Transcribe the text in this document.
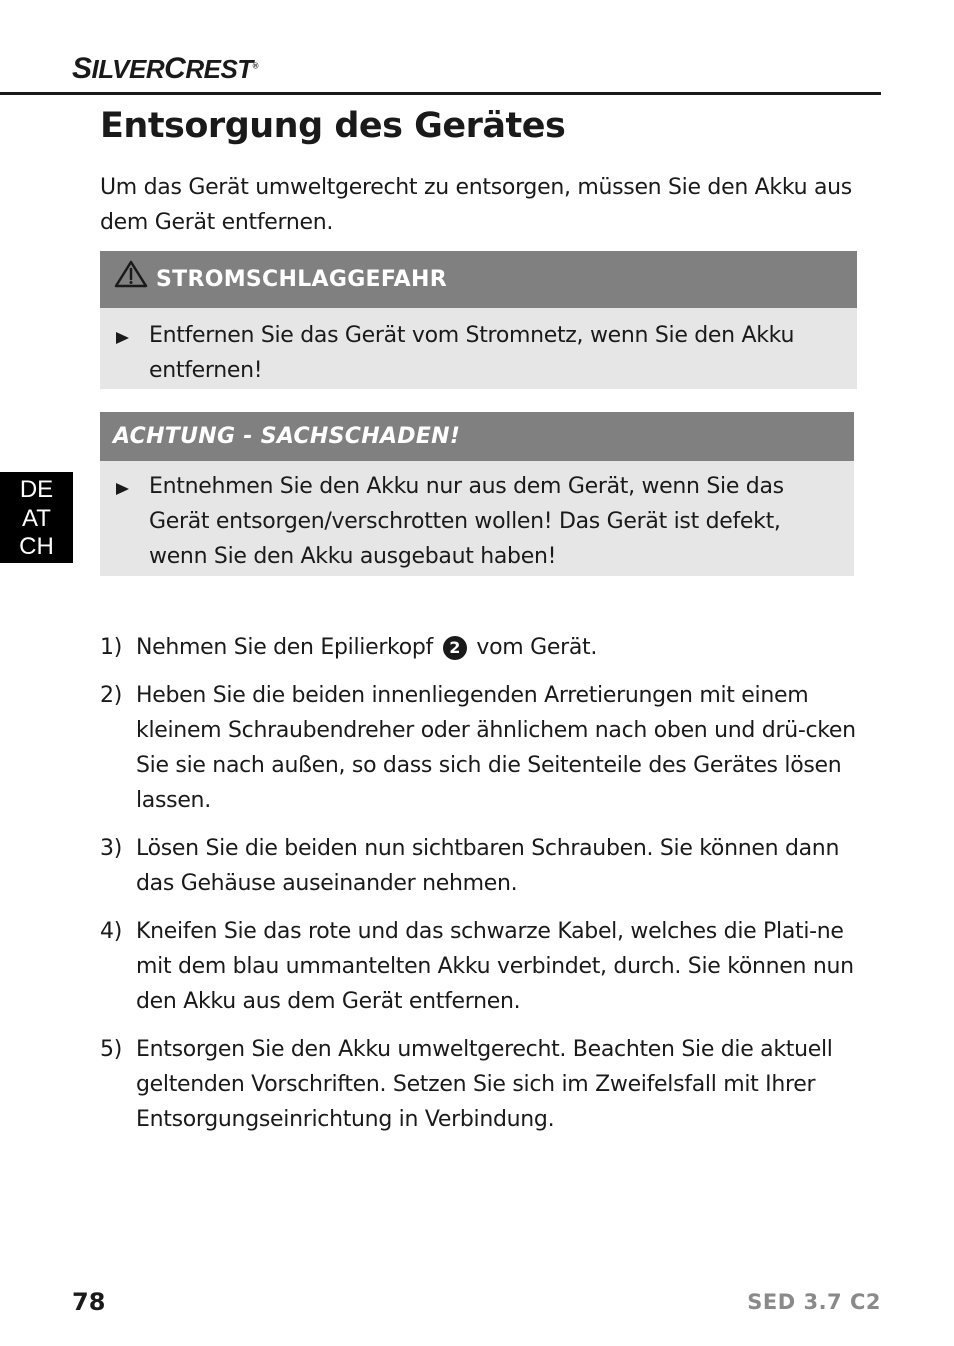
SILVERCREST®
Entsorgung des Gerätes

Um das Gerät umweltgerecht zu entsorgen, müssen Sie den Akku aus dem Gerät entfernen.

STROMSCHLAGGEFAHR
Entfernen Sie das Gerät vom Stromnetz, wenn Sie den Akku entfernen!
ACHTUNG - SACHSCHADEN!
Entnehmen Sie den Akku nur aus dem Gerät, wenn Sie das Gerät entsorgen/verschrotten wollen! Das Gerät ist defekt, wenn Sie den Akku ausgebaut haben!
DE
AT
CH
1) Nehmen Sie den Epilierkopf 2 vom Gerät.
2) Heben Sie die beiden innenliegenden Arretierungen mit einem kleinem Schraubendreher oder ähnlichem nach oben und drü-cken Sie sie nach außen, so dass sich die Seitenteile des Gerätes lösen lassen.
3) Lösen Sie die beiden nun sichtbaren Schrauben. Sie können dann das Gehäuse auseinander nehmen.
4) Kneifen Sie das rote und das schwarze Kabel, welches die Plati-ne mit dem blau ummantelten Akku verbindet, durch. Sie können nun den Akku aus dem Gerät entfernen.
5) Entsorgen Sie den Akku umweltgerecht. Beachten Sie die aktuell geltenden Vorschriften. Setzen Sie sich im Zweifelsfall mit Ihrer Entsorgungseinrichtung in Verbindung.
78	SED 3.7 C2
